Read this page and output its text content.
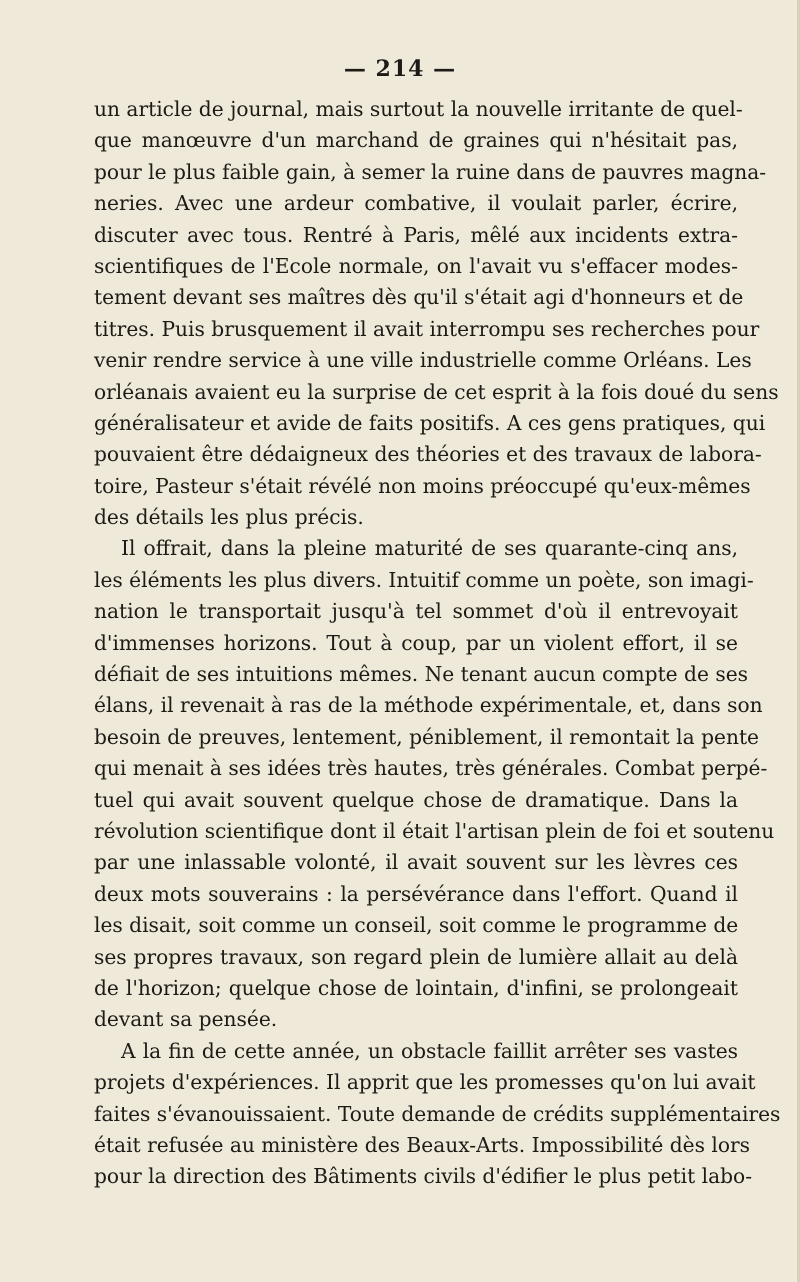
— 214 —
un article de journal, mais surtout la nouvelle irritante de quel-
que manœuvre d'un marchand de graines qui n'hésitait pas,
pour le plus faible gain, à semer la ruine dans de pauvres magna-
neries. Avec une ardeur combative, il voulait parler, écrire,
discuter avec tous. Rentré à Paris, mêlé aux incidents extra-
scientifiques de l'Ecole normale, on l'avait vu s'effacer modes-
tement devant ses maîtres dès qu'il s'était agi d'honneurs et de
titres. Puis brusquement il avait interrompu ses recherches pour
venir rendre service à une ville industrielle comme Orléans. Les
orléanais avaient eu la surprise de cet esprit à la fois doué du sens
généralisateur et avide de faits positifs. A ces gens pratiques, qui
pouvaient être dédaigneux des théories et des travaux de labora-
toire, Pasteur s'était révélé non moins préoccupé qu'eux-mêmes
des détails les plus précis.
Il offrait, dans la pleine maturité de ses quarante-cinq ans,
les éléments les plus divers. Intuitif comme un poète, son imagi-
nation le transportait jusqu'à tel sommet d'où il entrevoyait
d'immenses horizons. Tout à coup, par un violent effort, il se
défiait de ses intuitions mêmes. Ne tenant aucun compte de ses
élans, il revenait à ras de la méthode expérimentale, et, dans son
besoin de preuves, lentement, péniblement, il remontait la pente
qui menait à ses idées très hautes, très générales. Combat perpé-
tuel qui avait souvent quelque chose de dramatique. Dans la
révolution scientifique dont il était l'artisan plein de foi et soutenu
par une inlassable volonté, il avait souvent sur les lèvres ces
deux mots souverains : la persévérance dans l'effort. Quand il
les disait, soit comme un conseil, soit comme le programme de
ses propres travaux, son regard plein de lumière allait au delà
de l'horizon; quelque chose de lointain, d'infini, se prolongeait
devant sa pensée.
A la fin de cette année, un obstacle faillit arrêter ses vastes
projets d'expériences. Il apprit que les promesses qu'on lui avait
faites s'évanouissaient. Toute demande de crédits supplémentaires
était refusée au ministère des Beaux-Arts. Impossibilité dès lors
pour la direction des Bâtiments civils d'édifier le plus petit labo-
